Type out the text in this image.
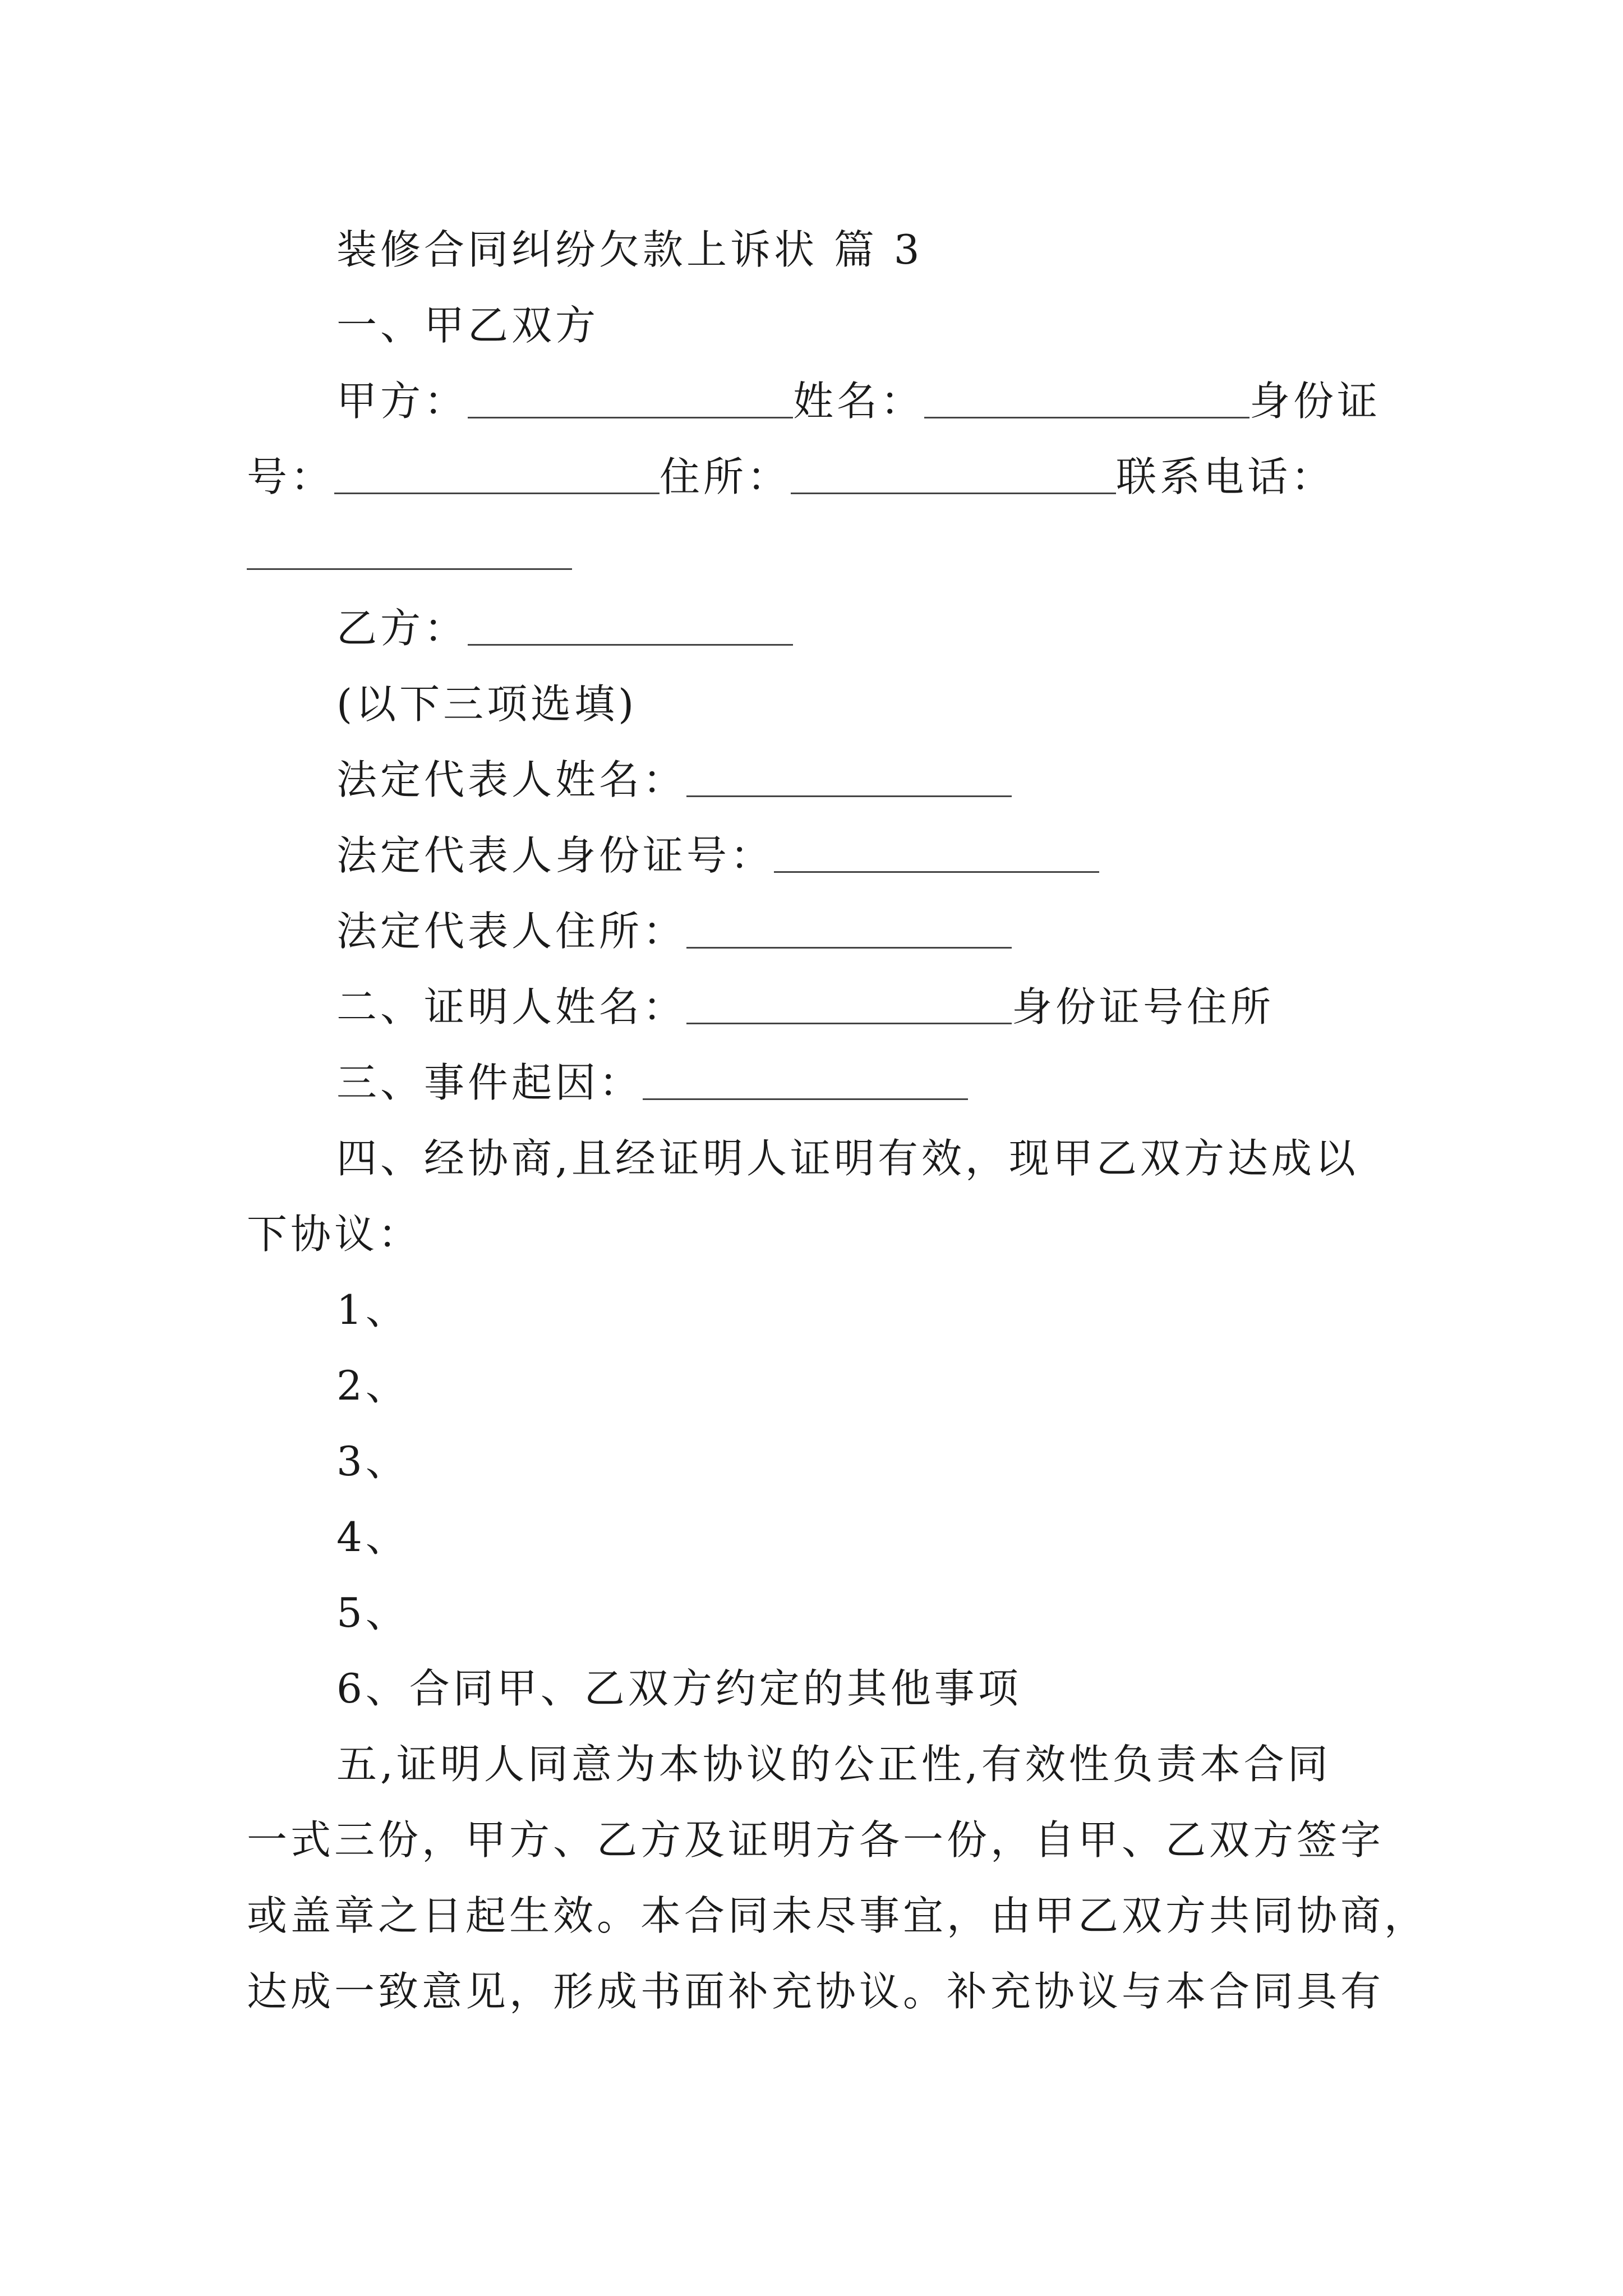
装修合同纠纷欠款上诉状 篇 3
一、甲乙双方
甲方：	姓名：	身份证
号：	住所：	联系电话：
乙方：
(以下三项选填)
法定代表人姓名：
法定代表人身份证号：
法定代表人住所：
二、证明人姓名：	身份证号住所
三、事件起因：
四、经协商,且经证明人证明有效，现甲乙双方达成以
下协议：
1、
2、
3、
4、
5、
6、合同甲、乙双方约定的其他事项
五,证明人同意为本协议的公正性,有效性负责本合同
一式三份，甲方、乙方及证明方各一份，自甲、乙双方签字
或盖章之日起生效。本合同未尽事宜，由甲乙双方共同协商，
达成一致意见，形成书面补充协议。补充协议与本合同具有
